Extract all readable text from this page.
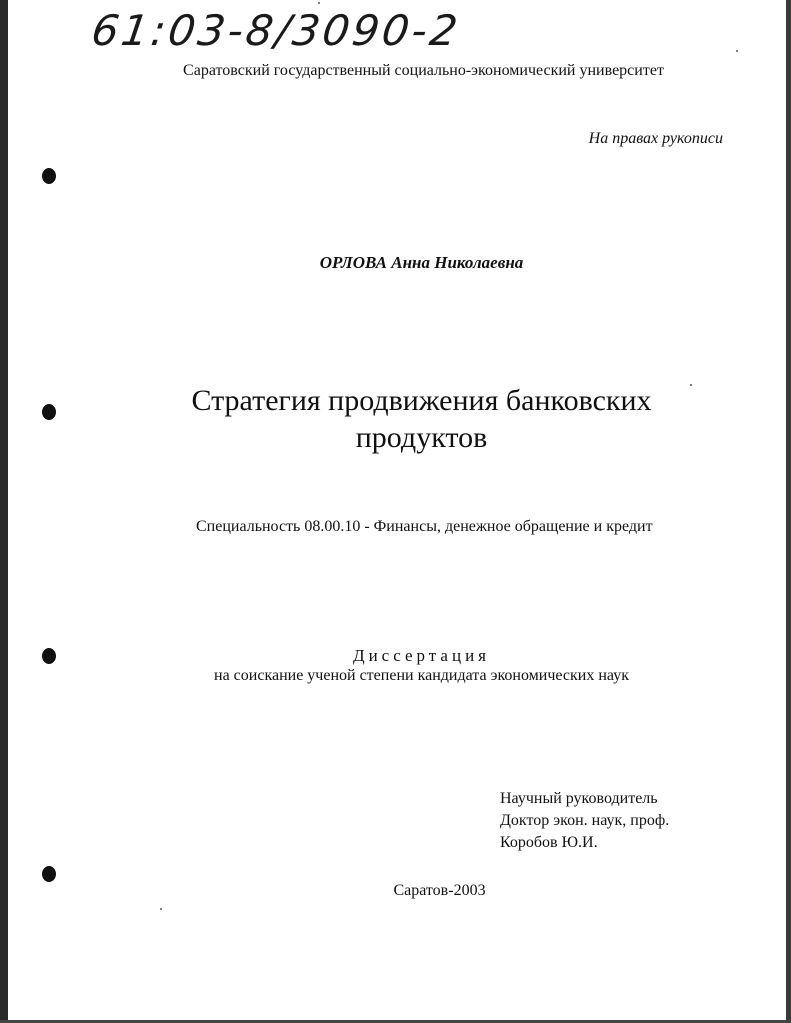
61:03-8/3090-2
Саратовский государственный социально-экономический университет
На правах рукописи
ОРЛОВА Анна Николаевна
Стратегия продвижения банковских
продуктов
Специальность 08.00.10 - Финансы, денежное обращение и кредит
Диссертация
на соискание ученой степени кандидата экономических наук
Научный руководитель
Доктор экон. наук, проф.
Коробов Ю.И.
Саратов-2003
